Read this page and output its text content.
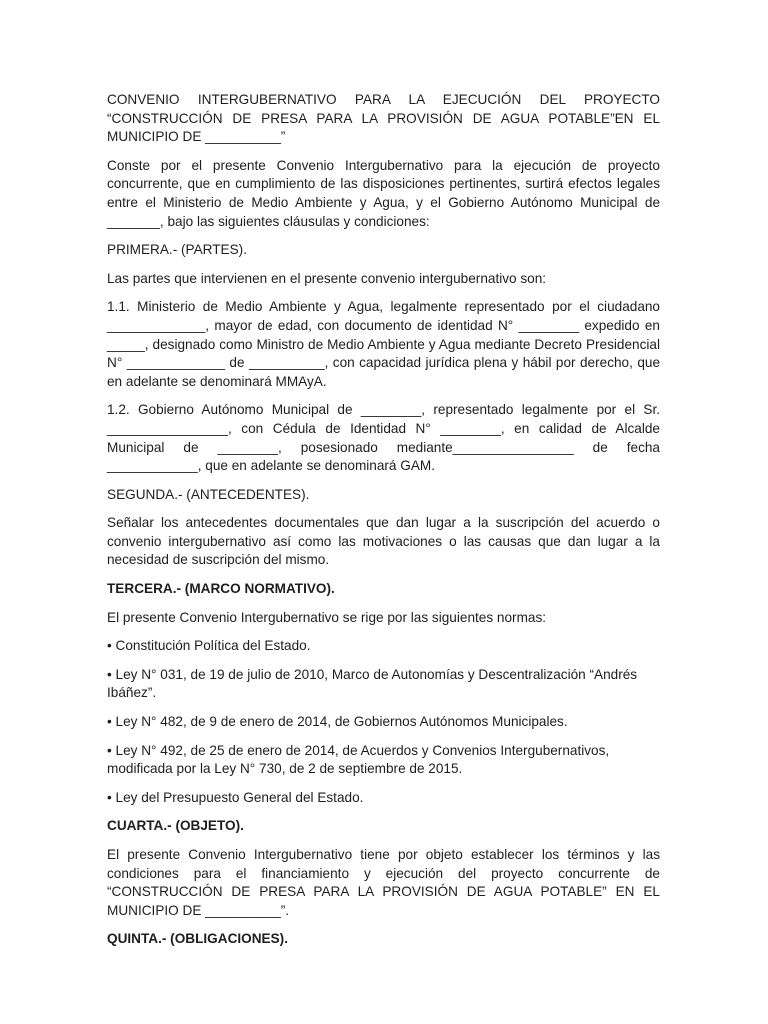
CONVENIO INTERGUBERNATIVO PARA LA EJECUCIÓN DEL PROYECTO “CONSTRUCCIÓN DE PRESA PARA LA PROVISIÓN DE AGUA POTABLE”EN EL MUNICIPIO DE __________”

Conste por el presente Convenio Intergubernativo para la ejecución de proyecto concurrente, que en cumplimiento de las disposiciones pertinentes, surtirá efectos legales entre el Ministerio de Medio Ambiente y Agua, y el Gobierno Autónomo Municipal de _______, bajo las siguientes cláusulas y condiciones:

PRIMERA.- (PARTES).

Las partes que intervienen en el presente convenio intergubernativo son:

1.1. Ministerio de Medio Ambiente y Agua, legalmente representado por el ciudadano _____________, mayor de edad, con documento de identidad N° ________ expedido en _____, designado como Ministro de Medio Ambiente y Agua mediante Decreto Presidencial N° _____________ de __________, con capacidad jurídica plena y hábil por derecho, que en adelante se denominará MMAyA.

1.2. Gobierno Autónomo Municipal de ________, representado legalmente por el Sr. ________________, con Cédula de Identidad N° ________, en calidad de Alcalde Municipal de ________, posesionado mediante________________ de fecha ____________, que en adelante se denominará GAM.

SEGUNDA.- (ANTECEDENTES).

Señalar los antecedentes documentales que dan lugar a la suscripción del acuerdo o convenio intergubernativo así como las motivaciones o las causas que dan lugar a la necesidad de suscripción del mismo.

TERCERA.- (MARCO NORMATIVO).

El presente Convenio Intergubernativo se rige por las siguientes normas:

• Constitución Política del Estado.

• Ley N° 031, de 19 de julio de 2010, Marco de Autonomías y Descentralización “Andrés Ibáñez”.

• Ley N° 482, de 9 de enero de 2014, de Gobiernos Autónomos Municipales.

• Ley N° 492, de 25 de enero de 2014, de Acuerdos y Convenios Intergubernativos, modificada por la Ley N° 730, de 2 de septiembre de 2015.

• Ley del Presupuesto General del Estado.

CUARTA.- (OBJETO).

El presente Convenio Intergubernativo tiene por objeto establecer los términos y las condiciones para el financiamiento y ejecución del proyecto concurrente de “CONSTRUCCIÓN DE PRESA PARA LA PROVISIÓN DE AGUA POTABLE” EN EL MUNICIPIO DE __________”.

QUINTA.- (OBLIGACIONES).
